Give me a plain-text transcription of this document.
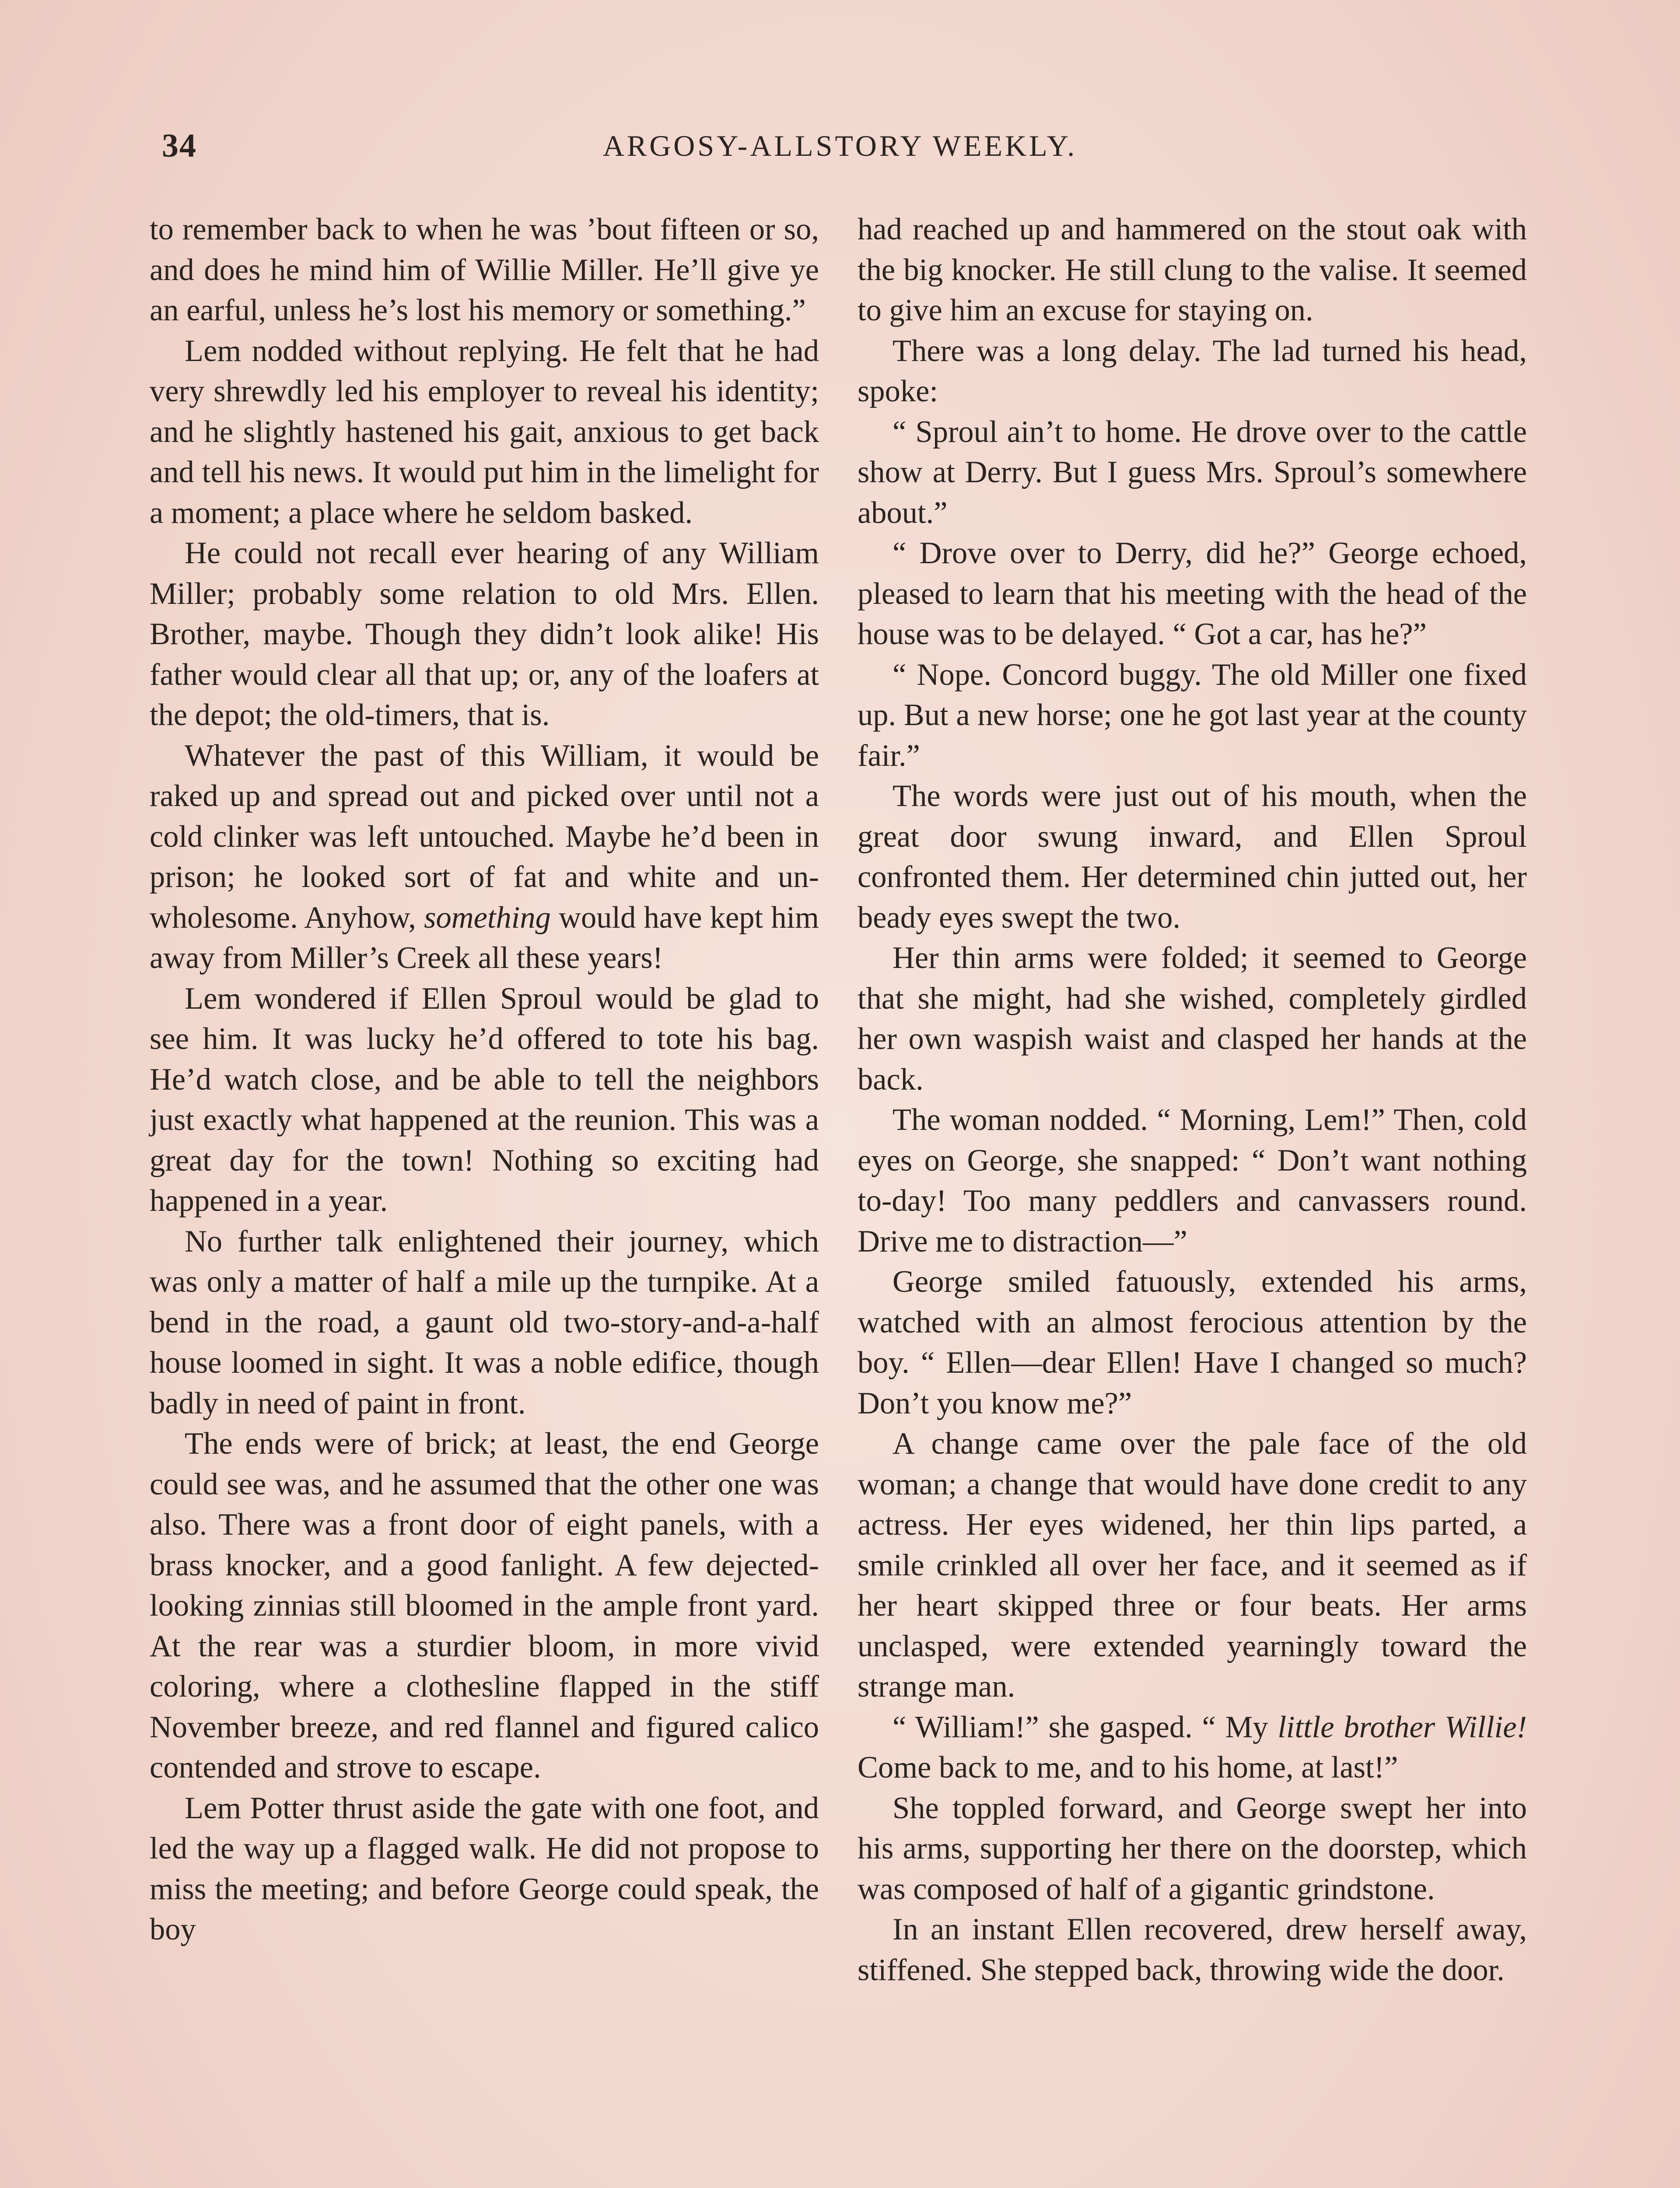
34	ARGOSY-ALLSTORY WEEKLY.

to remember back to when he was ’bout fifteen or so, and does he mind him of Willie Miller. He’ll give ye an earful, unless he’s lost his memory or something.”

Lem nodded without replying. He felt that he had very shrewdly led his employer to reveal his identity; and he slightly hastened his gait, anxious to get back and tell his news. It would put him in the limelight for a moment; a place where he seldom basked.

He could not recall ever hearing of any William Miller; probably some relation to old Mrs. Ellen. Brother, maybe. Though they didn’t look alike! His father would clear all that up; or, any of the loafers at the depot; the old-timers, that is.

Whatever the past of this William, it would be raked up and spread out and picked over until not a cold clinker was left untouched. Maybe he’d been in prison; he looked sort of fat and white and unwholesome. Anyhow, something would have kept him away from Miller’s Creek all these years!

Lem wondered if Ellen Sproul would be glad to see him. It was lucky he’d offered to tote his bag. He’d watch close, and be able to tell the neighbors just exactly what happened at the reunion. This was a great day for the town! Nothing so exciting had happened in a year.

No further talk enlightened their journey, which was only a matter of half a mile up the turnpike. At a bend in the road, a gaunt old two-story-and-a-half house loomed in sight. It was a noble edifice, though badly in need of paint in front.

The ends were of brick; at least, the end George could see was, and he assumed that the other one was also. There was a front door of eight panels, with a brass knocker, and a good fanlight. A few dejected-looking zinnias still bloomed in the ample front yard. At the rear was a sturdier bloom, in more vivid coloring, where a clothesline flapped in the stiff November breeze, and red flannel and figured calico contended and strove to escape.

Lem Potter thrust aside the gate with one foot, and led the way up a flagged walk. He did not propose to miss the meeting; and before George could speak, the boy

had reached up and hammered on the stout oak with the big knocker. He still clung to the valise. It seemed to give him an excuse for staying on.

There was a long delay. The lad turned his head, spoke:

“ Sproul ain’t to home. He drove over to the cattle show at Derry. But I guess Mrs. Sproul’s somewhere about.”

“ Drove over to Derry, did he?” George echoed, pleased to learn that his meeting with the head of the house was to be delayed. “ Got a car, has he?”

“ Nope. Concord buggy. The old Miller one fixed up. But a new horse; one he got last year at the county fair.”

The words were just out of his mouth, when the great door swung inward, and Ellen Sproul confronted them. Her determined chin jutted out, her beady eyes swept the two.

Her thin arms were folded; it seemed to George that she might, had she wished, completely girdled her own waspish waist and clasped her hands at the back.

The woman nodded. “ Morning, Lem!” Then, cold eyes on George, she snapped: “ Don’t want nothing to-day! Too many peddlers and canvassers round. Drive me to distraction—”

George smiled fatuously, extended his arms, watched with an almost ferocious attention by the boy. “ Ellen—dear Ellen! Have I changed so much? Don’t you know me?”

A change came over the pale face of the old woman; a change that would have done credit to any actress. Her eyes widened, her thin lips parted, a smile crinkled all over her face, and it seemed as if her heart skipped three or four beats. Her arms unclasped, were extended yearningly toward the strange man.

“ William!” she gasped. “ My little brother Willie! Come back to me, and to his home, at last!”

She toppled forward, and George swept her into his arms, supporting her there on the doorstep, which was composed of half of a gigantic grindstone.

In an instant Ellen recovered, drew herself away, stiffened. She stepped back, throwing wide the door.
